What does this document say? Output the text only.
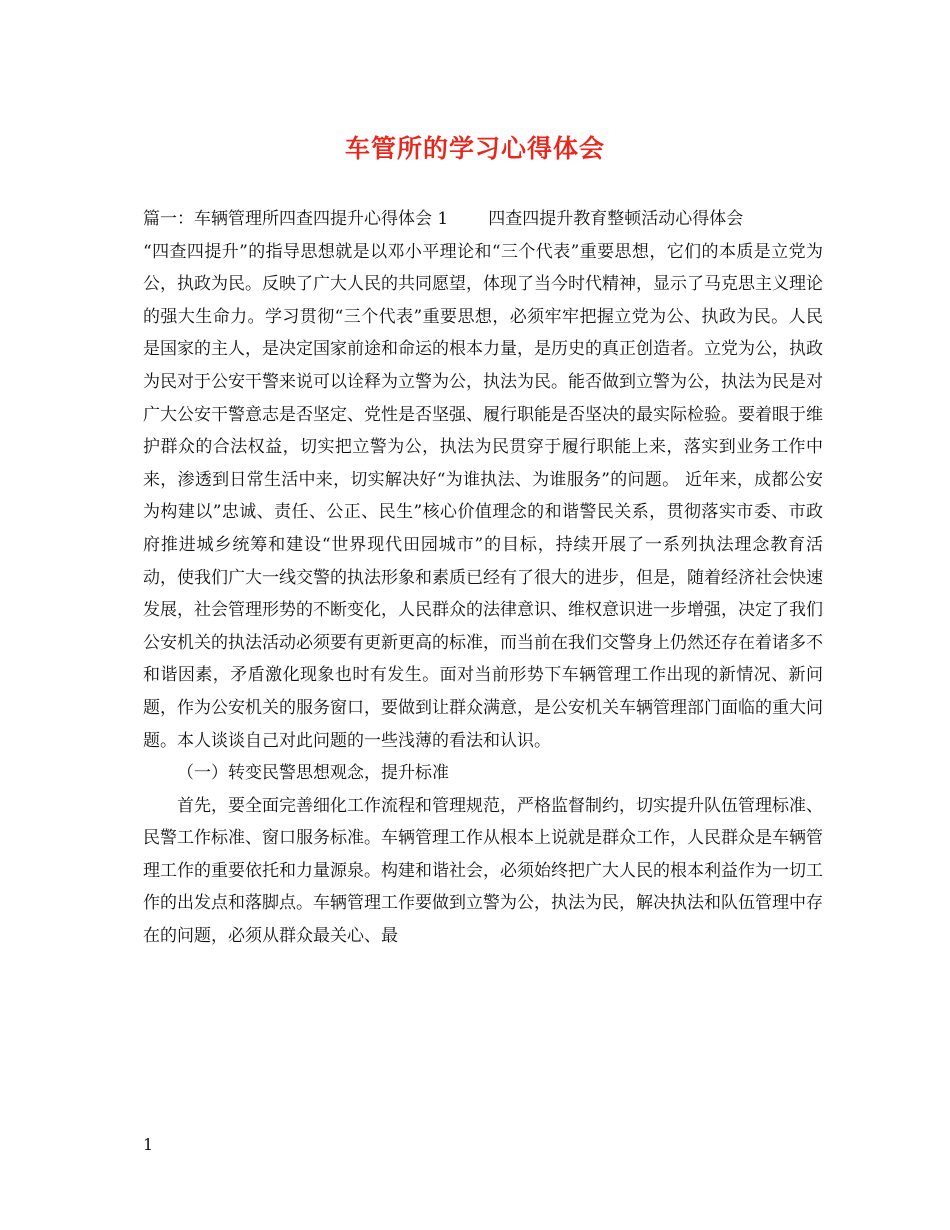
车管所的学习心得体会

篇一：车辆管理所四查四提升心得体会 1 四查四提升教育整顿活动心得体会

“四查四提升”的指导思想就是以邓小平理论和“三个代表”重要思想，它们的本质是立党为公，执政为民。反映了广大人民的共同愿望，体现了当今时代精神，显示了马克思主义理论的强大生命力。学习贯彻“三个代表”重要思想，必须牢牢把握立党为公、执政为民。人民是国家的主人，是决定国家前途和命运的根本力量，是历史的真正创造者。立党为公，执政为民对于公安干警来说可以诠释为立警为公，执法为民。能否做到立警为公，执法为民是对广大公安干警意志是否坚定、党性是否坚强、履行职能是否坚决的最实际检验。要着眼于维护群众的合法权益，切实把立警为公，执法为民贯穿于履行职能上来，落实到业务工作中来，渗透到日常生活中来，切实解决好“为谁执法、为谁服务”的问题。 近年来，成都公安为构建以”忠诚、责任、公正、民生”核心价值理念的和谐警民关系，贯彻落实市委、市政府推进城乡统筹和建设“世界现代田园城市”的目标，持续开展了一系列执法理念教育活动，使我们广大一线交警的执法形象和素质已经有了很大的进步，但是，随着经济社会快速发展，社会管理形势的不断变化，人民群众的法律意识、维权意识进一步增强，决定了我们公安机关的执法活动必须要有更新更高的标准，而当前在我们交警身上仍然还存在着诸多不和谐因素，矛盾激化现象也时有发生。面对当前形势下车辆管理工作出现的新情况、新问题，作为公安机关的服务窗口，要做到让群众满意，是公安机关车辆管理部门面临的重大问题。本人谈谈自己对此问题的一些浅薄的看法和认识。

（一）转变民警思想观念，提升标准

首先，要全面完善细化工作流程和管理规范，严格监督制约，切实提升队伍管理标准、民警工作标准、窗口服务标准。车辆管理工作从根本上说就是群众工作，人民群众是车辆管理工作的重要依托和力量源泉。构建和谐社会，必须始终把广大人民的根本利益作为一切工作的出发点和落脚点。车辆管理工作要做到立警为公，执法为民，解决执法和队伍管理中存在的问题，必须从群众最关心、最

1
